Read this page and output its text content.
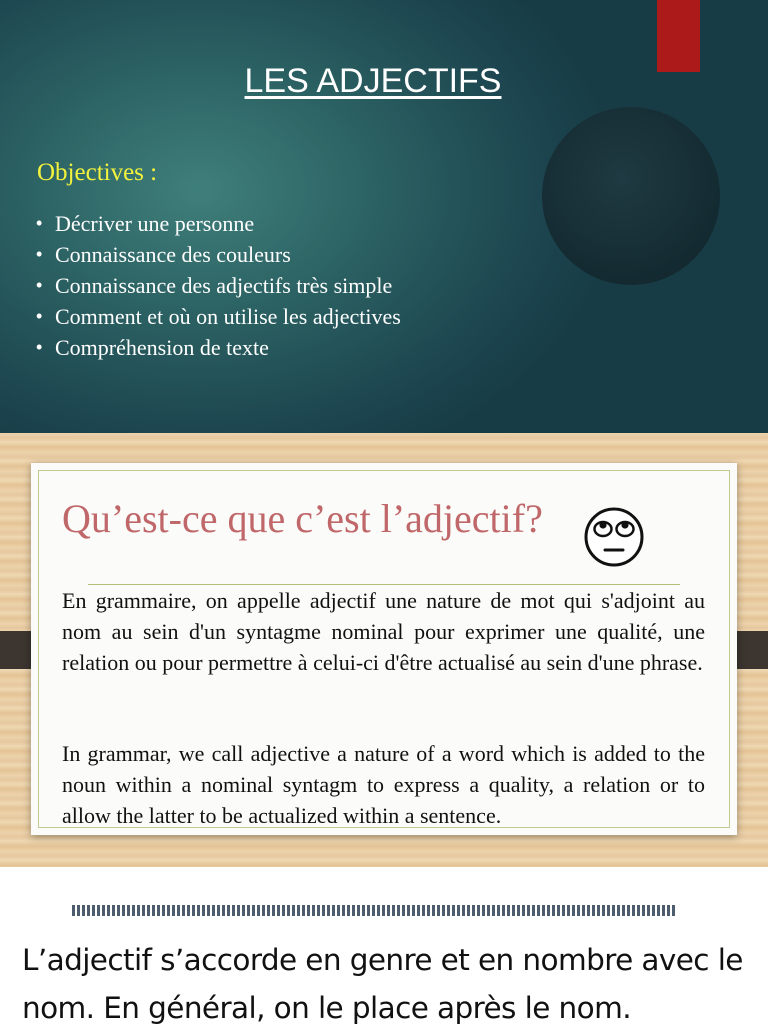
LES ADJECTIFS
Objectives :
• Décriver une personne
• Connaissance des couleurs
• Connaissance des adjectifs très simple
• Comment et où on utilise les adjectives
• Compréhension de texte
Qu’est-ce que c’est l’adjectif?

En grammaire, on appelle adjectif une nature de mot qui s'adjoint au nom au sein d'un syntagme nominal pour exprimer une qualité, une relation ou pour permettre à celui-ci d'être actualisé au sein d'une phrase.

In grammar, we call adjective a nature of a word which is added to the noun within a nominal syntagm to express a quality, a relation or to allow the latter to be actualized within a sentence.

L’adjectif s’accorde en genre et en nombre avec le nom. En général, on le place après le nom.
